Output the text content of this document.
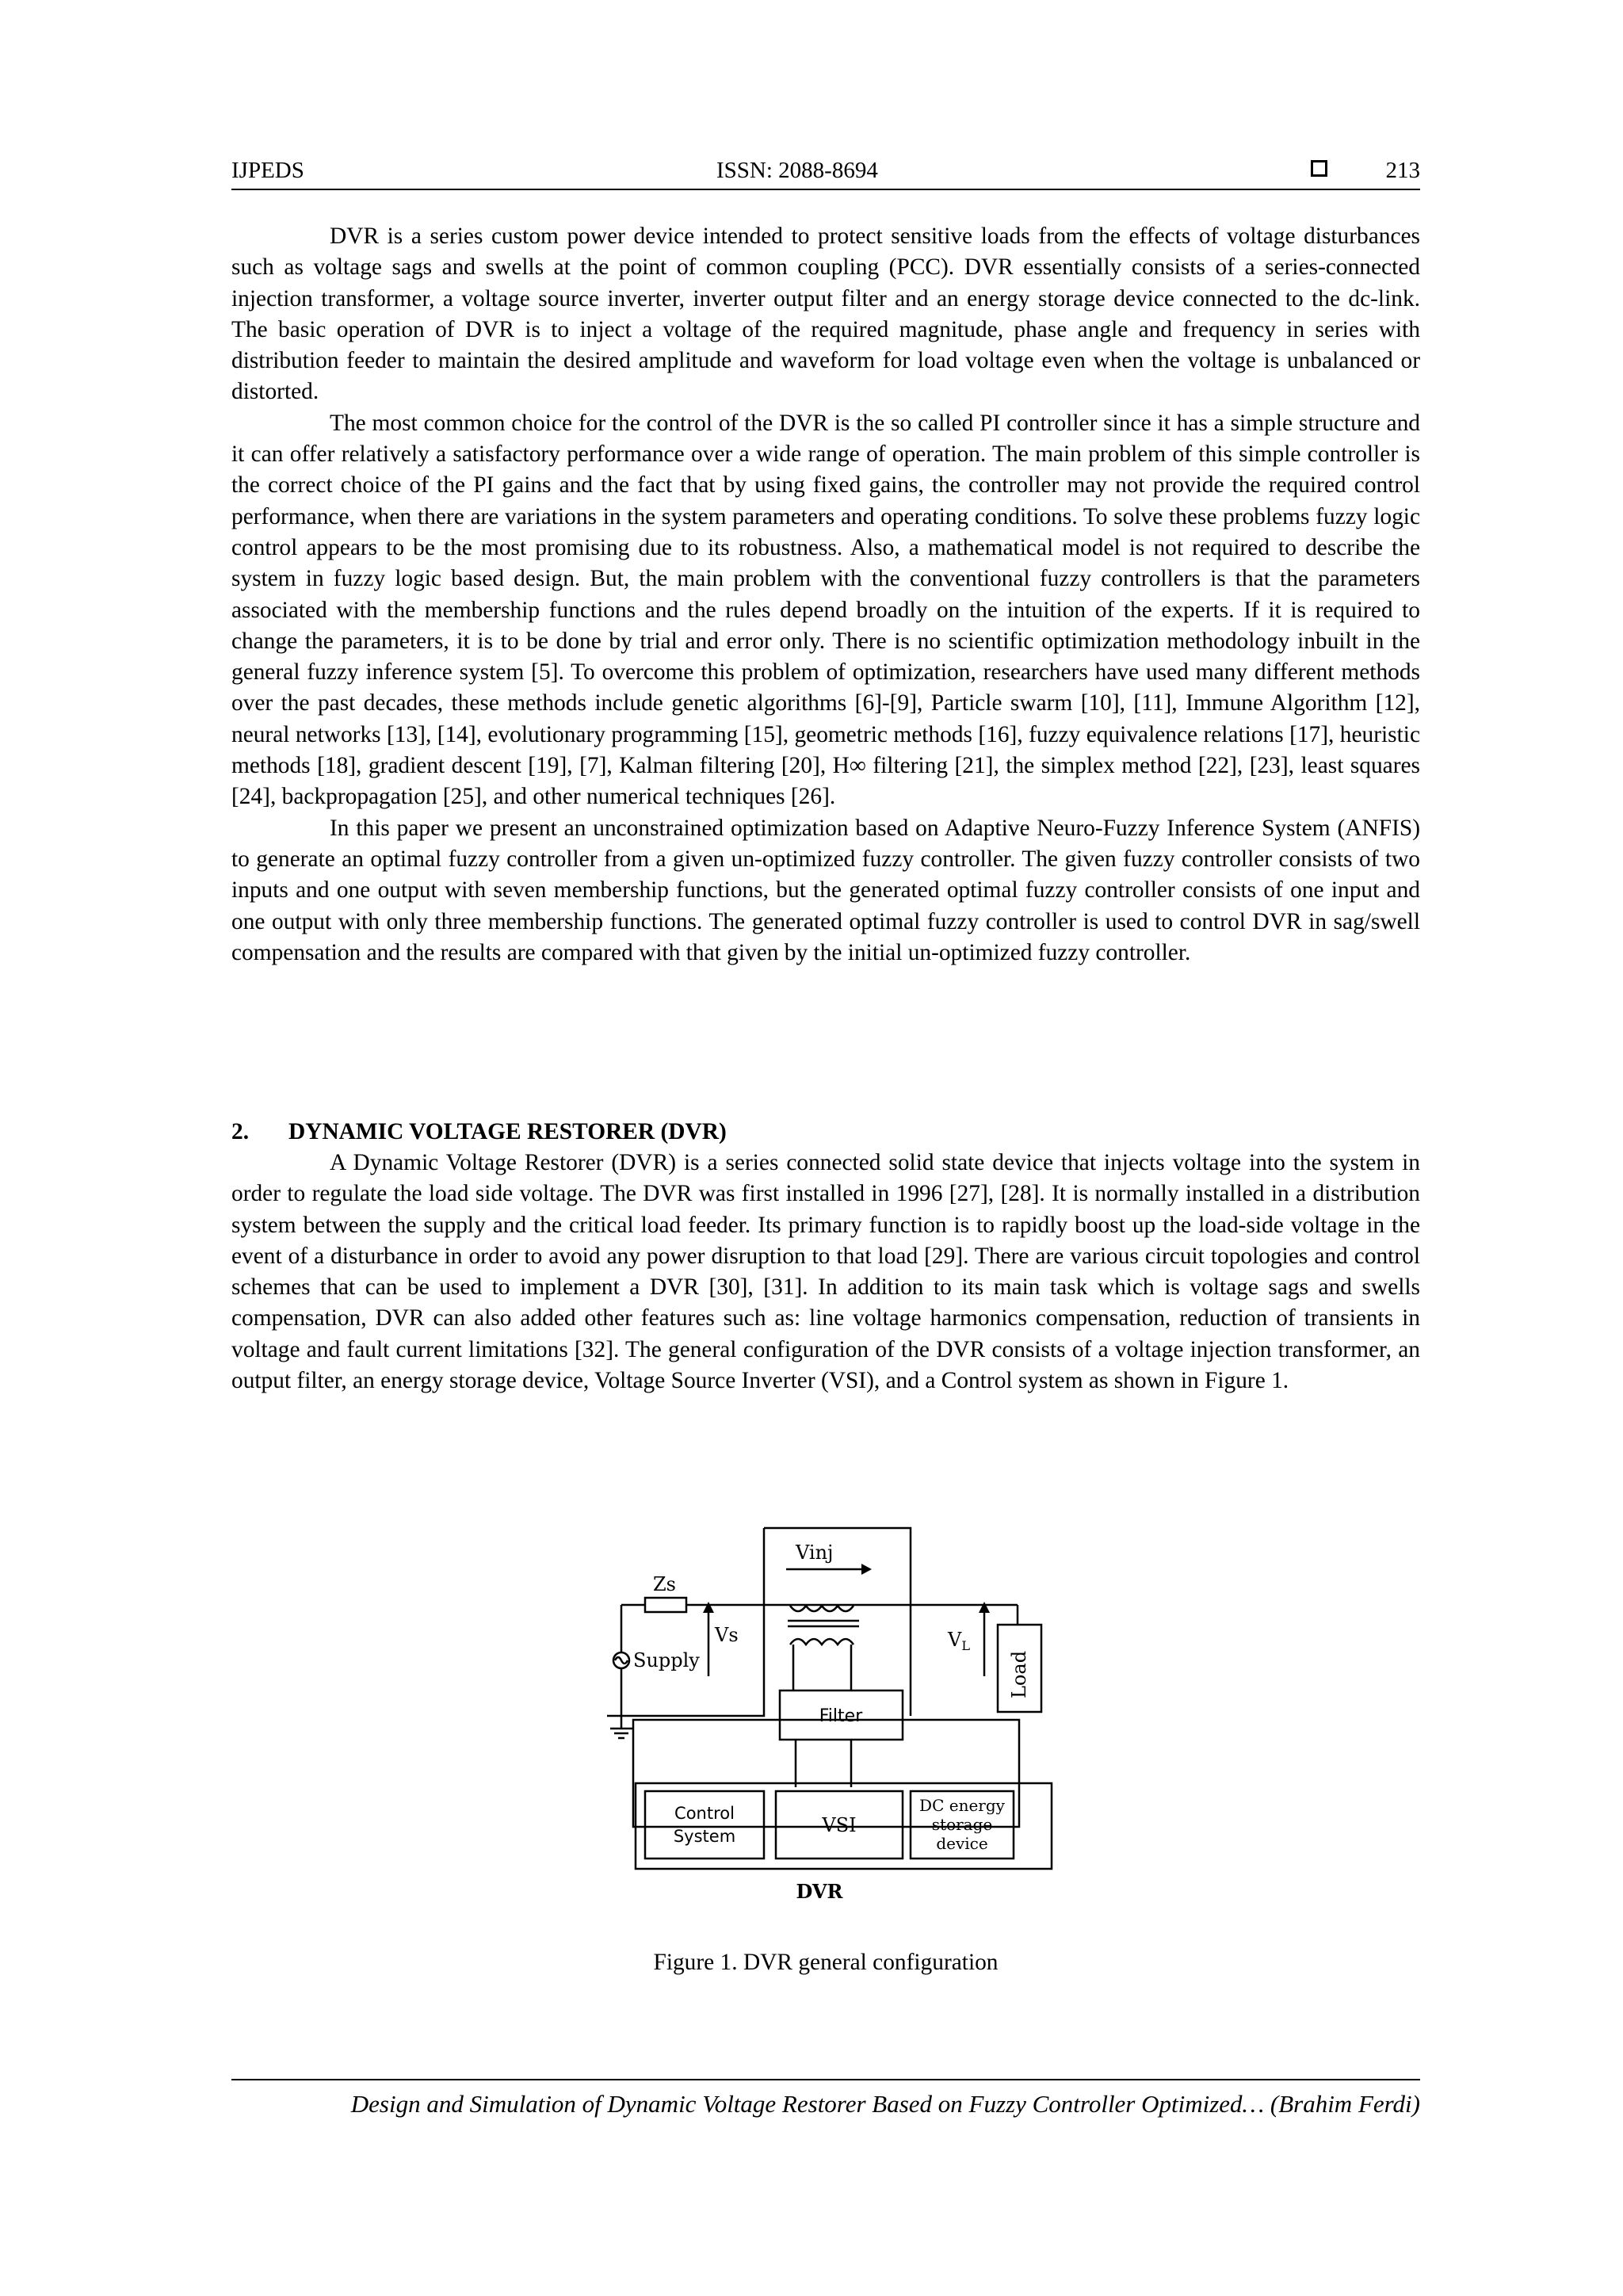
IJPEDS	ISSN: 2088-8694	213

DVR is a series custom power device intended to protect sensitive loads from the effects of voltage disturbances such as voltage sags and swells at the point of common coupling (PCC). DVR essentially consists of a series-connected injection transformer, a voltage source inverter, inverter output filter and an energy storage device connected to the dc-link. The basic operation of DVR is to inject a voltage of the required magnitude, phase angle and frequency in series with distribution feeder to maintain the desired amplitude and waveform for load voltage even when the voltage is unbalanced or distorted.

The most common choice for the control of the DVR is the so called PI controller since it has a simple structure and it can offer relatively a satisfactory performance over a wide range of operation. The main problem of this simple controller is the correct choice of the PI gains and the fact that by using fixed gains, the controller may not provide the required control performance, when there are variations in the system parameters and operating conditions. To solve these problems fuzzy logic control appears to be the most promising due to its robustness. Also, a mathematical model is not required to describe the system in fuzzy logic based design. But, the main problem with the conventional fuzzy controllers is that the parameters associated with the membership functions and the rules depend broadly on the intuition of the experts. If it is required to change the parameters, it is to be done by trial and error only. There is no scientific optimization methodology inbuilt in the general fuzzy inference system [5]. To overcome this problem of optimization, researchers have used many different methods over the past decades, these methods include genetic algorithms [6]-[9], Particle swarm [10], [11], Immune Algorithm [12], neural networks [13], [14], evolutionary programming [15], geometric methods [16], fuzzy equivalence relations [17], heuristic methods [18], gradient descent [19], [7], Kalman filtering [20], H∞ filtering [21], the simplex method [22], [23], least squares [24], backpropagation [25], and other numerical techniques [26].

In this paper we present an unconstrained optimization based on Adaptive Neuro-Fuzzy Inference System (ANFIS) to generate an optimal fuzzy controller from a given un-optimized fuzzy controller. The given fuzzy controller consists of two inputs and one output with seven membership functions, but the generated optimal fuzzy controller consists of one input and one output with only three membership functions. The generated optimal fuzzy controller is used to control DVR in sag/swell compensation and the results are compared with that given by the initial un-optimized fuzzy controller.

2. DYNAMIC VOLTAGE RESTORER (DVR)

A Dynamic Voltage Restorer (DVR) is a series connected solid state device that injects voltage into the system in order to regulate the load side voltage. The DVR was first installed in 1996 [27], [28]. It is normally installed in a distribution system between the supply and the critical load feeder. Its primary function is to rapidly boost up the load-side voltage in the event of a disturbance in order to avoid any power disruption to that load [29]. There are various circuit topologies and control schemes that can be used to implement a DVR [30], [31]. In addition to its main task which is voltage sags and swells compensation, DVR can also added other features such as: line voltage harmonics compensation, reduction of transients in voltage and fault current limitations [32]. The general configuration of the DVR consists of a voltage injection transformer, an output filter, an energy storage device, Voltage Source Inverter (VSI), and a Control system as shown in Figure 1.

Zs
Vinj
Vs
Supply
$V_L$
Load
Filter
Control
System	VSI
DC energy
storage
device
DVR
Figure 1. DVR general configuration
Design and Simulation of Dynamic Voltage Restorer Based on Fuzzy Controller Optimized… (Brahim Ferdi)
